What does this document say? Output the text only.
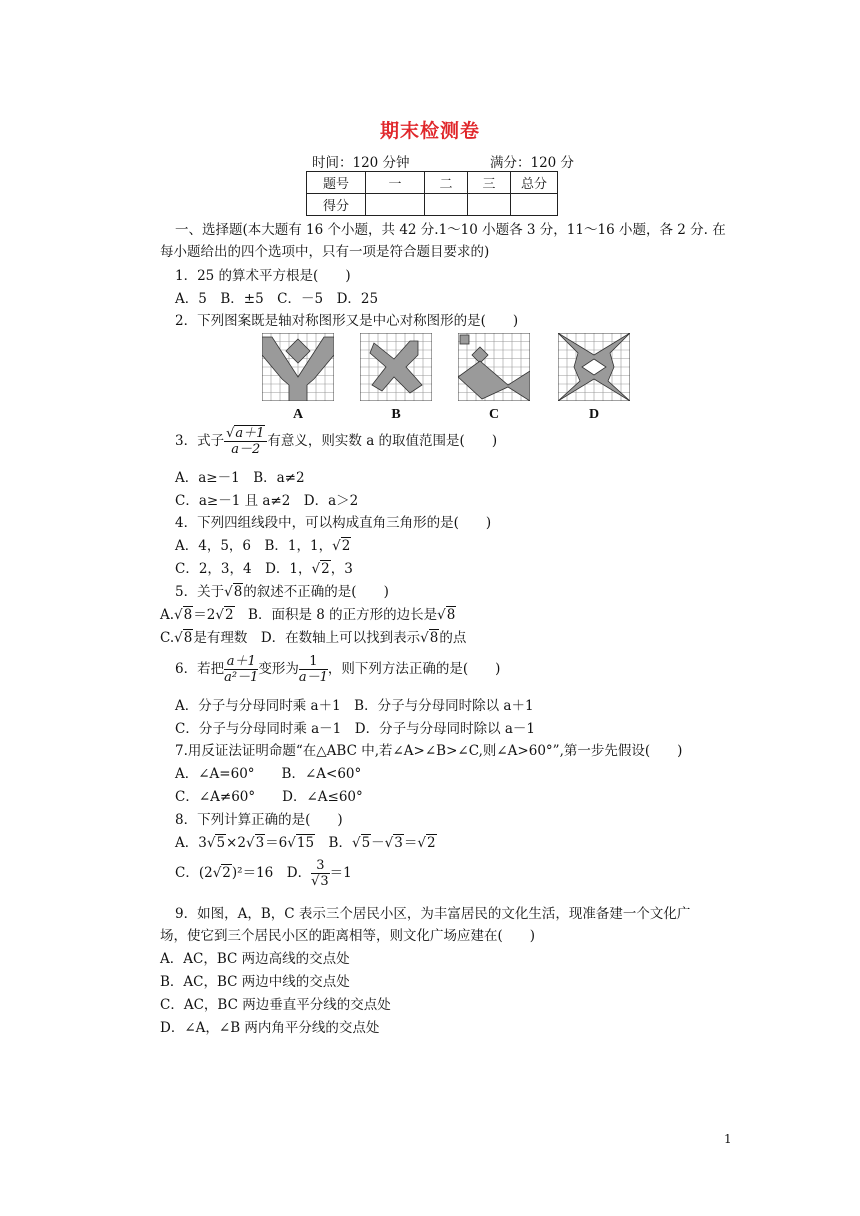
期末检测卷
时间：120 分钟	满分：120 分
题号	一	二	三	总分
得分				
一、选择题(本大题有 16 个小题，共 42 分.1～10 小题各 3 分，11～16 小题，各 2 分. 在
每小题给出的四个选项中，只有一项是符合题目要求的)
1．25 的算术平方根是(　　)
A．5　B．±5　C．－5　D．25
2．下列图案既是轴对称图形又是中心对称图形的是(　　)
A	B	C	D
3．式子 $\frac{√a+1}{a-2}$ 有意义，则实数 a 的取值范围是(　　)
A．a≥－1　B．a≠2
C．a≥－1 且 a≠2　D．a＞2
4．下列四组线段中，可以构成直角三角形的是(　　)
A．4，5，6　B．1，1，√2
C．2，3，4　D．1，√2，3
5．关于√8的叙述不正确的是(　　)
A.√8＝2√2　B．面积是 8 的正方形的边长是√8
C.√8是有理数　D．在数轴上可以找到表示√8的点
6．若把 $\frac{a+1}{\text{a²－1}}$ 变形为 $\frac{1}{a-1}$ ，则下列方法正确的是(　　)
A．分子与分母同时乘 a＋1　B．分子与分母同时除以 a＋1
C．分子与分母同时乘 a－1　D．分子与分母同时除以 a－1
7.用反证法证明命题“在△ABC 中,若∠A>∠B>∠C,则∠A>60°”,第一步先假设(　　)
A．∠A=60°　　B．∠A<60°
C．∠A≠60°　　D．∠A≤60°
8．下列计算正确的是(　　)
A．3√5×2√3＝6√15　B．√5－√3＝√2
C．(2√2)²＝16　D． $\frac{3}{√3} =1$
9．如图，A，B，C 表示三个居民小区，为丰富居民的文化生活，现准备建一个文化广
场，使它到三个居民小区的距离相等，则文化广场应建在(　　)
A．AC，BC 两边高线的交点处
B．AC，BC 两边中线的交点处
C．AC，BC 两边垂直平分线的交点处
D．∠A，∠B 两内角平分线的交点处
1
